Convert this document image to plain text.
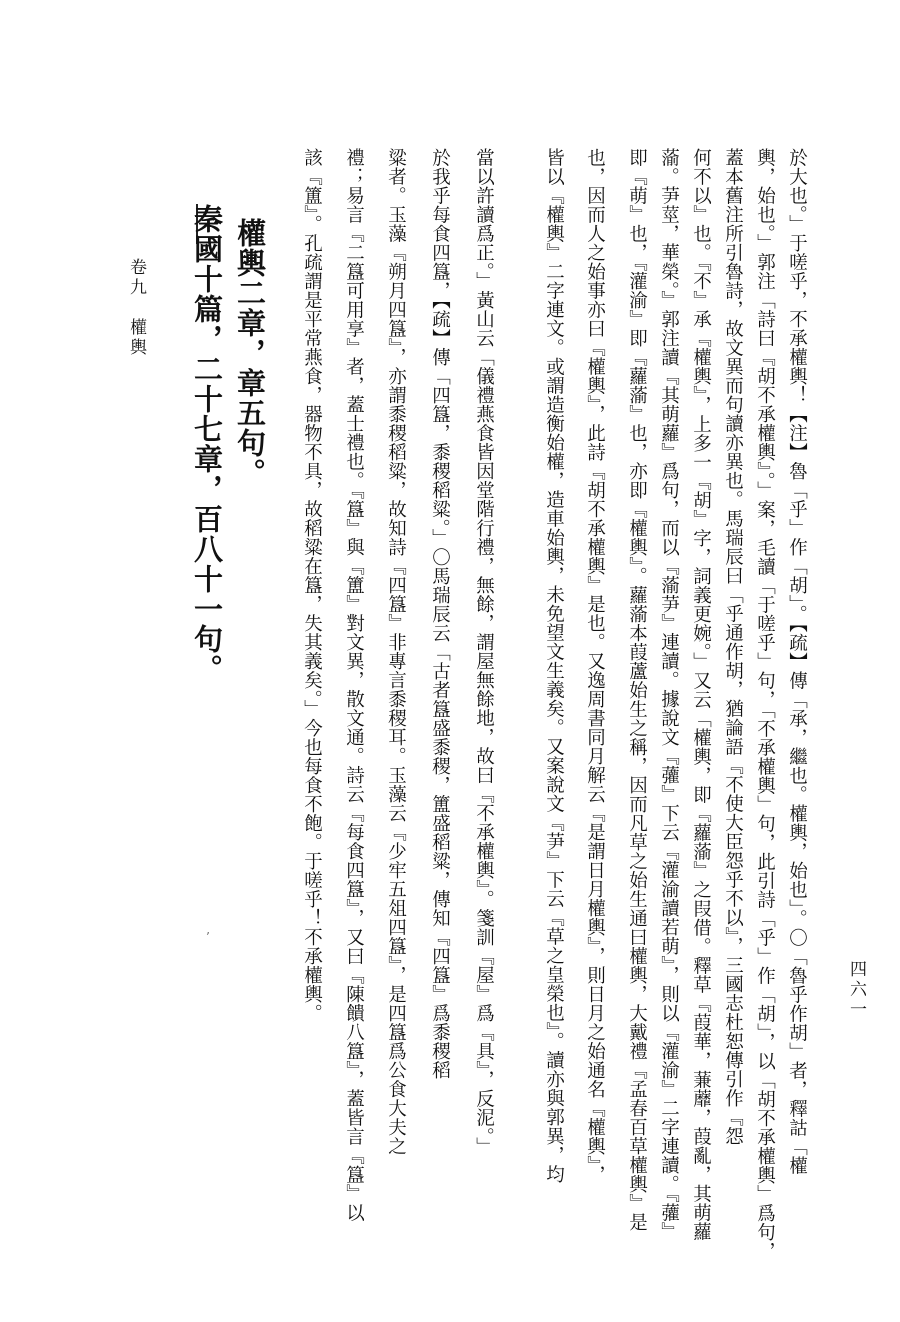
卷九　權輿
四六一
’	於大也。」于嗟乎，不承權輿！【注】魯「乎」作「胡」。【疏】傳「承，繼也。權輿，始也」。〇「魯乎作胡」者，釋詁「權
輿，始也。」郭注「詩曰『胡不承權輿』。」案，毛讀「于嗟乎」句，「不承權輿」句，此引詩「乎」作「胡」，以「胡不承權輿」爲句，
蓋本舊注所引魯詩，故文異而句讀亦異也。馬瑞辰曰「乎通作胡，猶論語『不使大臣怨乎不以』，三國志杜恕傳引作『怨
何不以』也。『不』承『權輿』，上多一『胡』字，詞義更婉。」又云「權輿，即『蘿蕍』之叚借。釋草『葭華，蒹蘼，葭亂，其萌蘿
蕍。芛莖，華榮。』郭注讀『其萌蘿』爲句，而以『蕍芛』連讀。據說文『虇』下云『灌渝讀若萌』，則以『灌渝』二字連讀。『虇』
即『萌』也，『灌渝』即『蘿蕍』也，亦即『權輿』。蘿蕍本葭蘆始生之稱，因而凡草之始生通曰權輿，大戴禮『孟春百草權輿』是
也，因而人之始事亦曰『權輿』，此詩『胡不承權輿』是也。又逸周書同月解云『是謂日月權輿』，則日月之始通名『權輿』，
皆以『權輿』二字連文。或謂造衡始權，造車始輿，未免望文生義矣。又案說文『芛』下云『草之皇榮也』。讀亦與郭異，均
當以許讀爲正。」黃山云「儀禮燕食皆因堂階行禮，無餘，謂屋無餘地，故曰『不承權輿』。箋訓『屋』爲『具』，反泥。」
於我乎每食四簋，【疏】傳「四簋，黍稷稻粱。」〇馬瑞辰云「古者簋盛黍稷，簠盛稻粱，傳知『四簋』爲黍稷稻
粱者。玉藻『朔月四簋』，亦謂黍稷稻粱，故知詩『四簋』非專言黍稷耳。玉藻云『少牢五俎四簋』，是四簋爲公食大夫之
禮；易言『二簋可用享』者，蓋士禮也。『簋』與『簠』對文異，散文通。詩云『每食四簋』，又曰『陳饋八簋』，蓋皆言『簋』以
該『簠』。孔疏謂是平常燕食，器物不具，故稻粱在簋，失其義矣。」今也每食不飽。于嗟乎！不承權輿。
權輿二章，章五句。
秦國十篇，二十七章，百八十一句。
